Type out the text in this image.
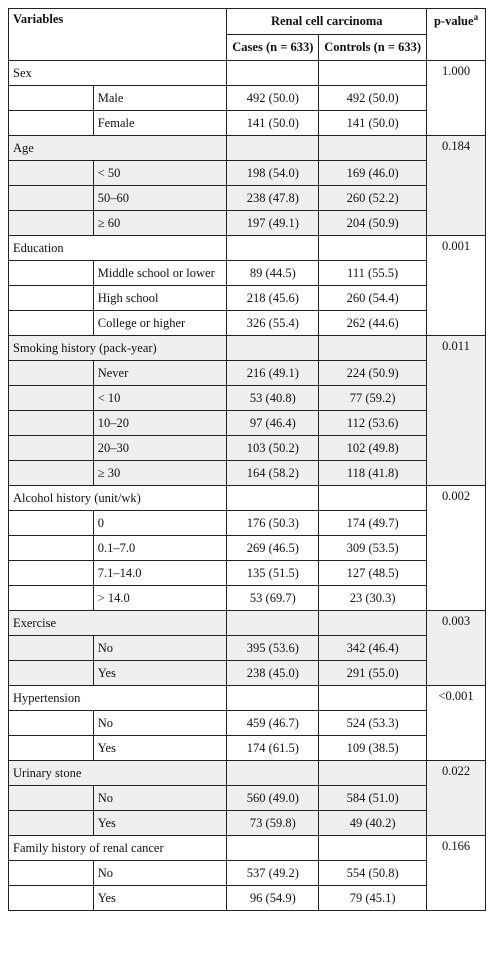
Variables		Renal cell carcinoma		p-value$^a$
		Cases (n = 633)	Controls (n = 633)	
Sex				1.000
	Male	492 (50.0)	492 (50.0)	
	Female	141 (50.0)	141 (50.0)	
Age				0.184
	< 50	198 (54.0)	169 (46.0)	
	50–60	238 (47.8)	260 (52.2)	
	≥ 60	197 (49.1)	204 (50.9)	
Education				0.001
	Middle school or lower	89 (44.5)	111 (55.5)	
	High school	218 (45.6)	260 (54.4)	
	College or higher	326 (55.4)	262 (44.6)	
Smoking history (pack-year)				0.011
	Never	216 (49.1)	224 (50.9)	
	< 10	53 (40.8)	77 (59.2)	
	10–20	97 (46.4)	112 (53.6)	
	20–30	103 (50.2)	102 (49.8)	
	≥ 30	164 (58.2)	118 (41.8)	
Alcohol history (unit/wk)				0.002
	0	176 (50.3)	174 (49.7)	
	0.1–7.0	269 (46.5)	309 (53.5)	
	7.1–14.0	135 (51.5)	127 (48.5)	
	> 14.0	53 (69.7)	23 (30.3)	
Exercise				0.003
	No	395 (53.6)	342 (46.4)	
	Yes	238 (45.0)	291 (55.0)	
Hypertension				<0.001
	No	459 (46.7)	524 (53.3)	
	Yes	174 (61.5)	109 (38.5)	
Urinary stone				0.022
	No	560 (49.0)	584 (51.0)	
	Yes	73 (59.8)	49 (40.2)	
Family history of renal cancer				0.166
	No	537 (49.2)	554 (50.8)	
	Yes	96 (54.9)	79 (45.1)	
